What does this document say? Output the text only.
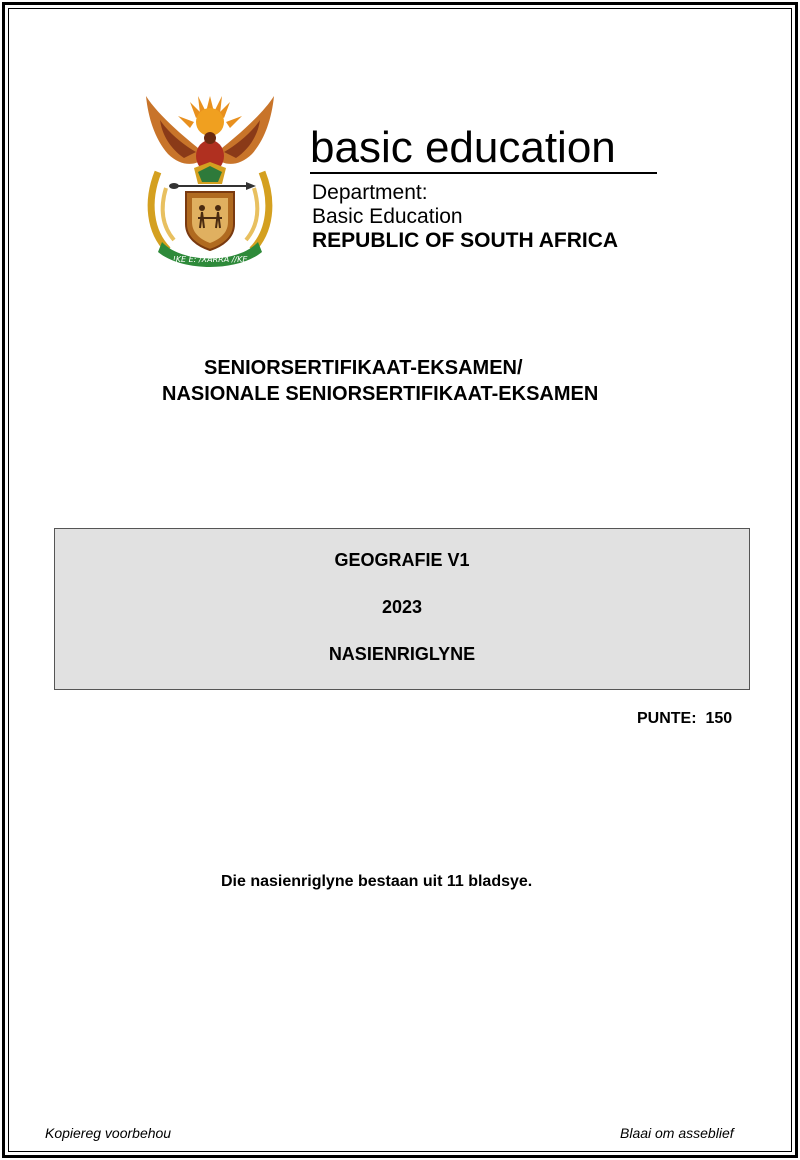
!KE E: /XARRA //KE
basic education
Department:
Basic Education
REPUBLIC OF SOUTH AFRICA
SENIORSERTIFIKAAT-EKSAMEN/
NASIONALE SENIORSERTIFIKAAT-EKSAMEN
GEOGRAFIE V1
2023
NASIENRIGLYNE
PUNTE:  150
Die nasienriglyne bestaan uit 11 bladsye.
Kopiereg voorbehou	Blaai om asseblief
